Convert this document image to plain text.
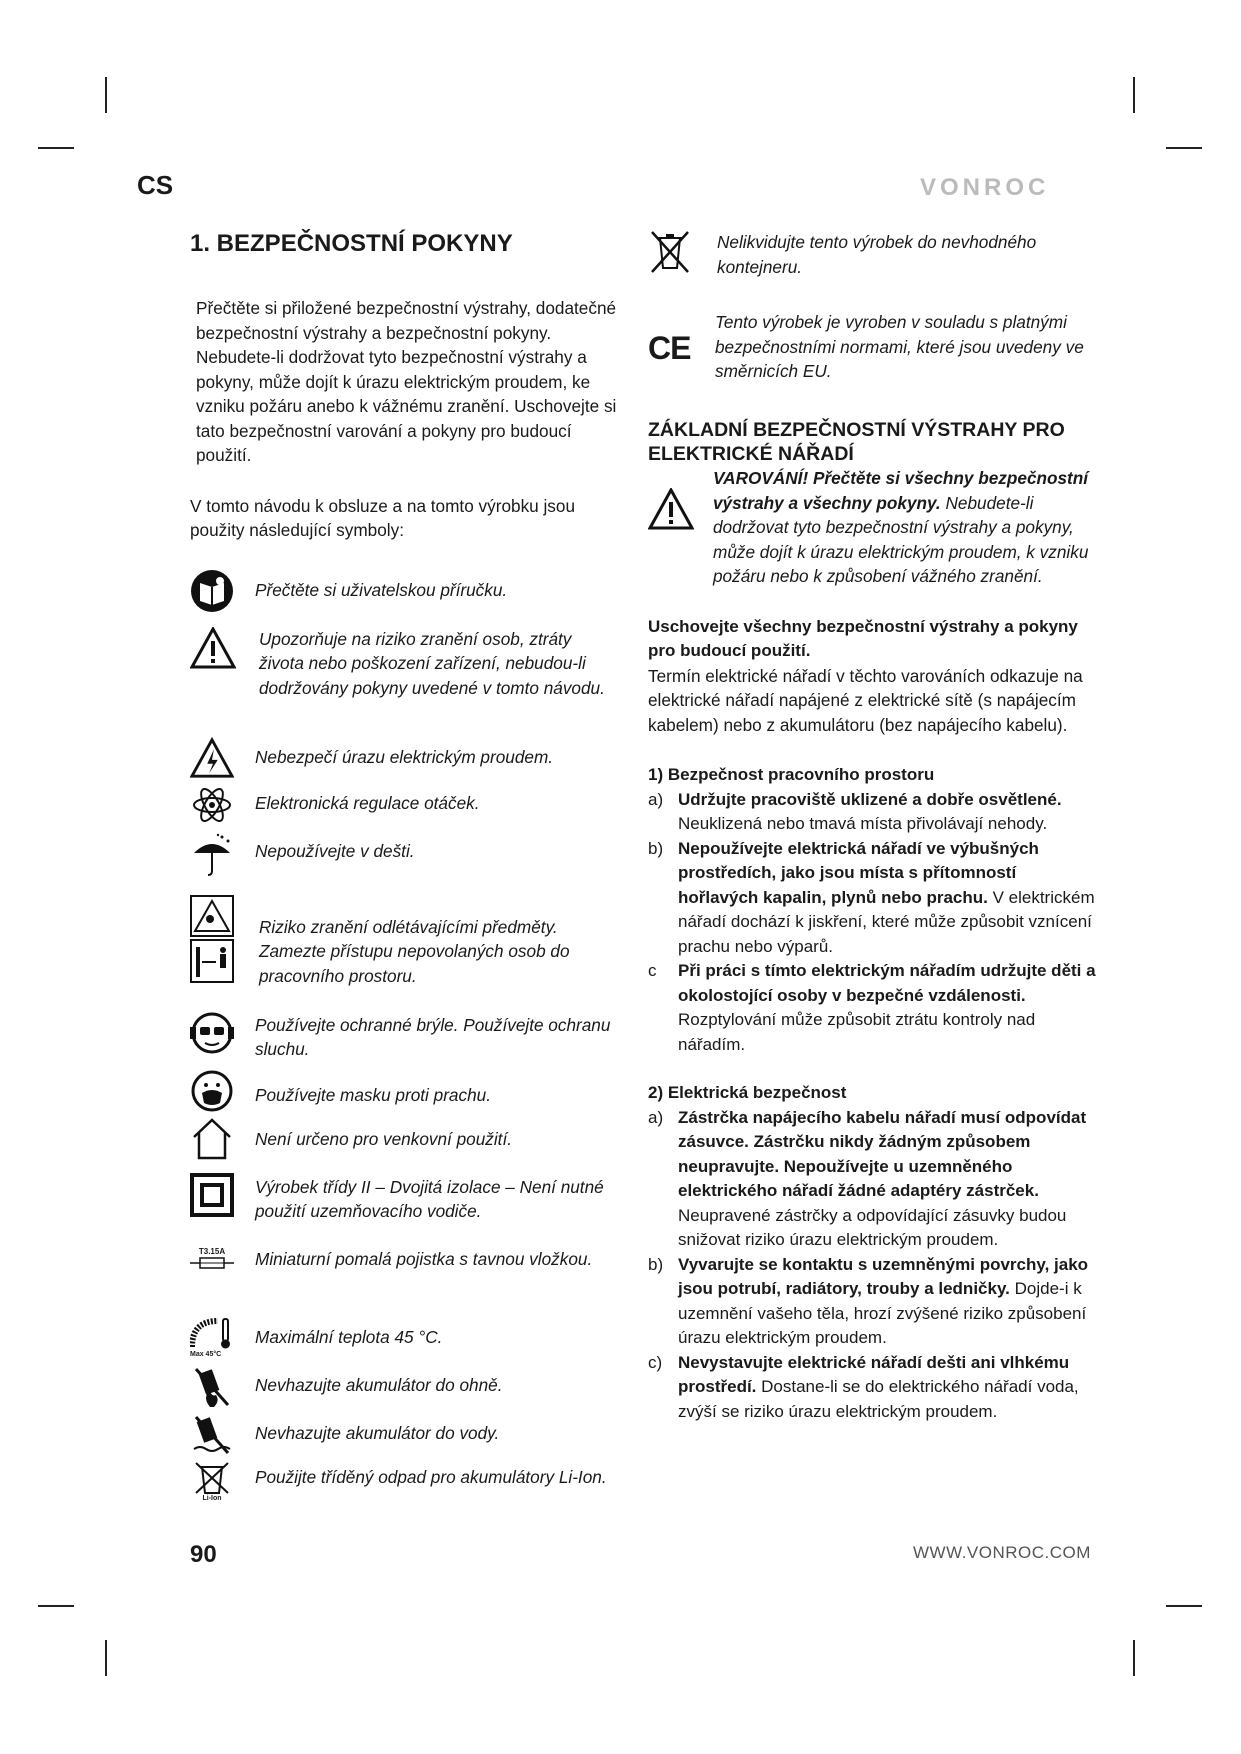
CS	VONROC
1. BEZPEČNOSTNÍ POKYNY

Přečtěte si přiložené bezpečnostní výstrahy, dodatečné bezpečnostní výstrahy a bezpečnostní pokyny. Nebudete-li dodržovat tyto bezpečnostní výstrahy a pokyny, může dojít k úrazu elektrickým proudem, ke vzniku požáru anebo k vážnému zranění. Uschovejte si tato bezpečnostní varování a pokyny pro budoucí použití.

V tomto návodu k obsluze a na tomto výrobku jsou použity následující symboly:

Přečtěte si uživatelskou příručku.
Upozorňuje na riziko zranění osob, ztráty života nebo poškození zařízení, nebudou-li dodržovány pokyny uvedené v tomto návodu.
Nebezpečí úrazu elektrickým proudem.
Elektronická regulace otáček.
Nepoužívejte v dešti.
Riziko zranění odlétávajícími předměty. Zamezte přístupu nepovolaných osob do pracovního prostoru.
Používejte ochranné brýle. Používejte ochranu sluchu.
Používejte masku proti prachu.
Není určeno pro venkovní použití.
Výrobek třídy II – Dvojitá izolace – Není nutné použití uzemňovacího vodiče.
T3.15A	Miniaturní pomalá pojistka s tavnou vložkou.
Max 45°C
Maximální teplota 45 °C.
Nevhazujte akumulátor do ohně.
Nevhazujte akumulátor do vody.
Li-Ion
Použijte tříděný odpad pro akumulátory Li-Ion.
Nelikvidujte tento výrobek do nevhodného kontejneru.
CE
Tento výrobek je vyroben v souladu s platnými bezpečnostními normami, které jsou uvedeny ve směrnicích EU.
ZÁKLADNÍ BEZPEČNOSTNÍ VÝSTRAHY PRO ELEKTRICKÉ NÁŘADÍ
VAROVÁNÍ! Přečtěte si všechny bezpečnostní výstrahy a všechny pokyny. Nebudete-li dodržovat tyto bezpečnostní výstrahy a pokyny, může dojít k úrazu elektrickým proudem, k vzniku požáru nebo k způsobení vážného zranění.

Uschovejte všechny bezpečnostní výstrahy a pokyny pro budoucí použití.

Termín elektrické nářadí v těchto varováních odkazuje na elektrické nářadí napájené z elektrické sítě (s napájecím kabelem) nebo z akumulátoru (bez napájecího kabelu).

1) Bezpečnost pracovního prostoru

a) Udržujte pracoviště uklizené a dobře osvětlené. Neuklizená nebo tmavá místa přivolávají nehody.
b) Nepoužívejte elektrická nářadí ve výbušných prostředích, jako jsou místa s přítomností hořlavých kapalin, plynů nebo prachu. V elektrickém nářadí dochází k jiskření, které může způsobit vznícení prachu nebo výparů.
c	Při práci s tímto elektrickým nářadím udržujte děti a okolostojící osoby v bezpečné vzdálenosti. Rozptylování může způsobit ztrátu kontroly nad nářadím.

2) Elektrická bezpečnost

a) Zástrčka napájecího kabelu nářadí musí odpovídat zásuvce. Zástrčku nikdy žádným způsobem neupravujte. Nepoužívejte u uzemněného elektrického nářadí žádné adaptéry zástrček. Neupravené zástrčky a odpovídající zásuvky budou snižovat riziko úrazu elektrickým proudem.
b) Vyvarujte se kontaktu s uzemněnými povrchy, jako jsou potrubí, radiátory, trouby a ledničky. Dojde-i k uzemnění vašeho těla, hrozí zvýšené riziko způsobení úrazu elektrickým proudem.
c) Nevystavujte elektrické nářadí dešti ani vlhkému prostředí. Dostane-li se do elektrického nářadí voda, zvýší se riziko úrazu elektrickým proudem.
90	WWW.VONROC.COM
